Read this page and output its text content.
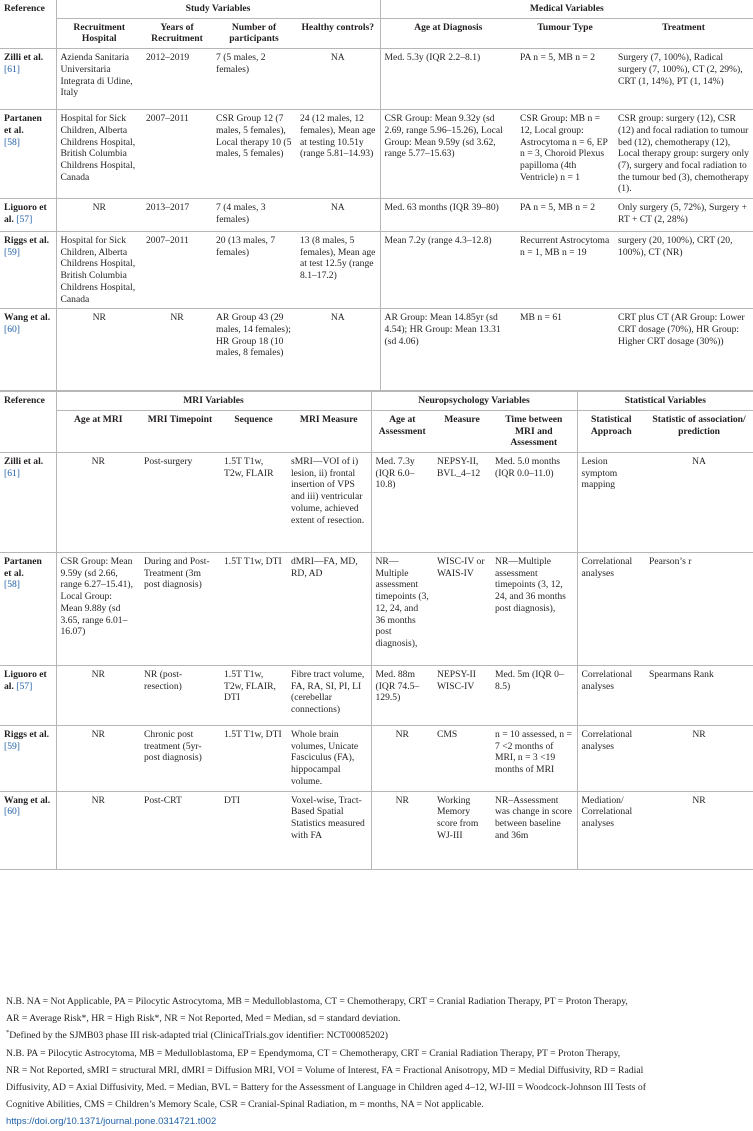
Reference	Study Variables				Medical Variables		
	Recruitment Hospital	Years of Recruitment	Number of participants	Healthy controls?	Age at Diagnosis	Tumour Type	Treatment
Zilli et al.
[61]	Azienda Sanitaria Universitaria Integrata di Udine, Italy	2012–2019	7 (5 males, 2 females)	NA	Med. 5.3y (IQR 2.2–8.1)	PA n = 5, MB n = 2	Surgery (7, 100%), Radical surgery (7, 100%), CT (2, 29%), CRT (1, 14%), PT (1, 14%)
Partanen et al.
[58]	Hospital for Sick Children, Alberta Childrens Hospital, British Columbia Childrens Hospital, Canada	2007–2011	CSR Group 12 (7 males, 5 females), Local therapy 10 (5 males, 5 females)	24 (12 males, 12 females), Mean age at testing 10.51y (range 5.81–14.93)	CSR Group: Mean 9.32y (sd 2.69, range 5.96–15.26), Local Group: Mean 9.59y (sd 3.62, range 5.77–15.63)	CSR Group: MB n = 12, Local group: Astrocytoma n = 6, EP n = 3, Choroid Plexus papilloma (4th Ventricle) n = 1	CSR group: surgery (12), CSR (12) and focal radiation to tumour bed (12), chemotherapy (12), Local therapy group: surgery only (7), surgery and focal radiation to the tumour bed (3), chemotherapy (1).
Liguoro et al. [57]	NR	2013–2017	7 (4 males, 3 females)	NA	Med. 63 months (IQR 39–80)	PA n = 5, MB n = 2	Only surgery (5, 72%), Surgery + RT + CT (2, 28%)
Riggs et al. [59]	Hospital for Sick Children, Alberta Childrens Hospital, British Columbia Childrens Hospital, Canada	2007–2011	20 (13 males, 7 females)	13 (8 males, 5 females), Mean age at test 12.5y (range 8.1–17.2)	Mean 7.2y (range 4.3–12.8)	Recurrent Astrocytoma n = 1, MB n = 19	surgery (20, 100%), CRT (20, 100%), CT (NR)
Wang et al. [60]	NR	NR	AR Group 43 (29 males, 14 females); HR Group 18 (10 males, 8 females)	NA	AR Group: Mean 14.85yr (sd 4.54); HR Group: Mean 13.31 (sd 4.06)	MB n = 61	CRT plus CT (AR Group: Lower CRT dosage (70%), HR Group: Higher CRT dosage (30%))
Reference	MRI Variables				Neuropsychology Variables			Statistical Variables	
	Age at MRI	MRI Timepoint	Sequence	MRI Measure	Age at Assessment	Measure	Time between MRI and Assessment	Statistical Approach	Statistic of association/ prediction
Zilli et al.
[61]	NR	Post-surgery	1.5T T1w, T2w, FLAIR	sMRI—VOI of i) lesion, ii) frontal insertion of VPS and iii) ventricular volume, achieved extent of resection.	Med. 7.3y (IQR 6.0–10.8)	NEPSY-II, BVL_4–12	Med. 5.0 months (IQR 0.0–11.0)	Lesion symptom mapping	NA
Partanen et al.
[58]	CSR Group: Mean 9.59y (sd 2.66, range 6.27–15.41), Local Group: Mean 9.88y (sd 3.65, range 6.01–16.07)	During and Post-Treatment (3m post diagnosis)	1.5T T1w, DTI	dMRI—FA, MD, RD, AD	NR—Multiple assessment timepoints (3, 12, 24, and 36 months post diagnosis),	WISC-IV or WAIS-IV	NR—Multiple assessment timepoints (3, 12, 24, and 36 months post diagnosis),	Correlational analyses	Pearson’s r
Liguoro et al. [57]	NR	NR (post-resection)	1.5T T1w, T2w, FLAIR, DTI	Fibre tract volume, FA, RA, SI, PI, LI (cerebellar connections)	Med. 88m (IQR 74.5–129.5)	NEPSY-II WISC-IV	Med. 5m (IQR 0–8.5)	Correlational analyses	Spearmans Rank
Riggs et al. [59]	NR	Chronic post treatment (5yr-post diagnosis)	1.5T T1w, DTI	Whole brain volumes, Unicate Fasciculus (FA), hippocampal volume.	NR	CMS	n = 10 assessed, n = 7 <2 months of MRI, n = 3 <19 months of MRI	Correlational analyses	NR
Wang et al. [60]	NR	Post-CRT	DTI	Voxel-wise, Tract-Based Spatial Statistics measured with FA	NR	Working Memory score from WJ-III	NR–Assessment was change in score between baseline and 36m	Mediation/ Correlational analyses	NR

N.B. NA = Not Applicable, PA = Pilocytic Astrocytoma, MB = Medulloblastoma, CT = Chemotherapy, CRT = Cranial Radiation Therapy, PT = Proton Therapy,

AR = Average Risk*, HR = High Risk*, NR = Not Reported, Med = Median, sd = standard deviation.

*Defined by the SJMB03 phase III risk-adapted trial (ClinicalTrials.gov identifier: NCT00085202)

N.B. PA = Pilocytic Astrocytoma, MB = Medulloblastoma, EP = Ependymoma, CT = Chemotherapy, CRT = Cranial Radiation Therapy, PT = Proton Therapy,

NR = Not Reported, sMRI = structural MRI, dMRI = Diffusion MRI, VOI = Volume of Interest, FA = Fractional Anisotropy, MD = Medial Diffusivity, RD = Radial

Diffusivity, AD = Axial Diffusivity, Med. = Median, BVL = Battery for the Assessment of Language in Children aged 4–12, WJ-III = Woodcock-Johnson III Tests of

Cognitive Abilities, CMS = Children’s Memory Scale, CSR = Cranial-Spinal Radiation, m = months, NA = Not applicable.

https://doi.org/10.1371/journal.pone.0314721.t002
